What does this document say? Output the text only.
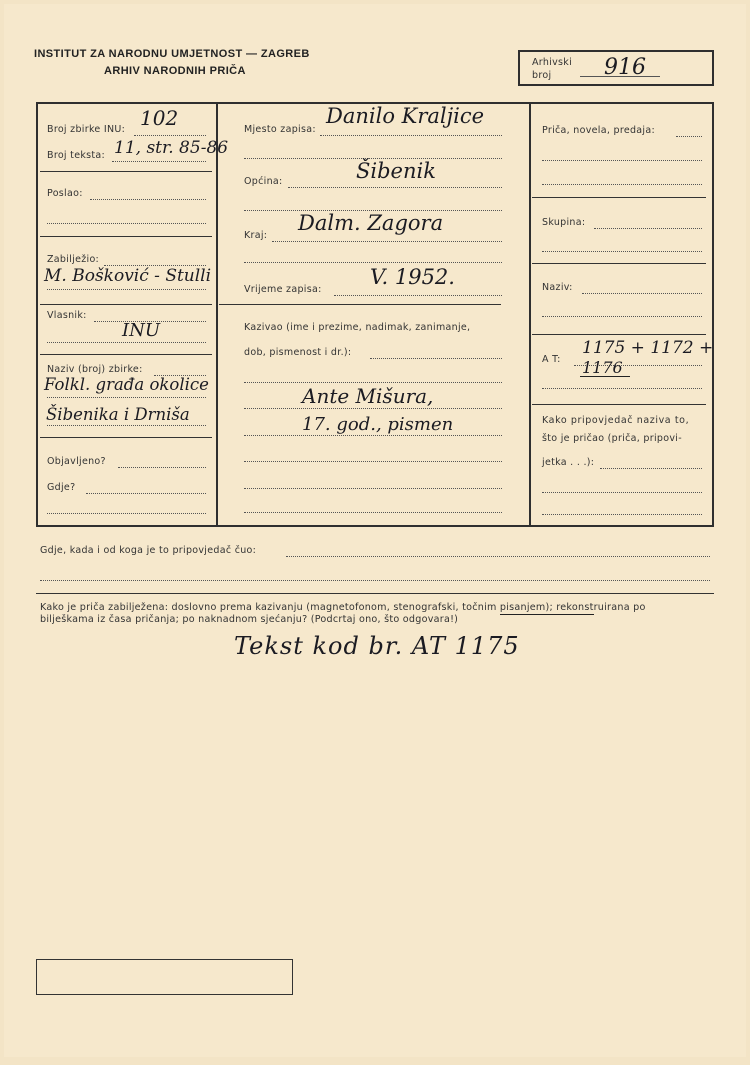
INSTITUT ZA NARODNU UMJETNOST — ZAGREB
ARHIV NARODNIH PRIČA
Arhivski broj	916
Broj zbirke INU: 102
Broj teksta: 11, str. 85-86
Poslao:
Zabilježio:
M. Bošković - Stulli
Vlasnik:
INU
Naziv (broj) zbirke:
Folkl. građa okolice
Šibenika i Drniša
Objavljeno?
Gdje?
Mjesto zapisa:
Danilo Kraljice
Općina:	Šibenik
Kraj:
Dalm. Zagora
Vrijeme zapisa:
V. 1952.
Kazivao (ime i prezime, nadimak, zanimanje,
dob, pismenost i dr.):
Ante Mišura,
17. god., pismen
Priča, novela, predaja:
Skupina:
Naziv:
A T:
1175 + 1172 +
1176
Kako pripovjedač naziva to,
što je pričao (priča, pripovi-
jetka . . .):
Gdje, kada i od koga je to pripovjedač čuo:
Kako je priča zabilježena: doslovno prema kazivanju (magnetofonom, stenografski, točnim pisanjem); rekonstruirana po
bilješkama iz časa pričanja; po naknadnom sjećanju? (Podcrtaj ono, što odgovara!)
Tekst kod br. AT 1175
